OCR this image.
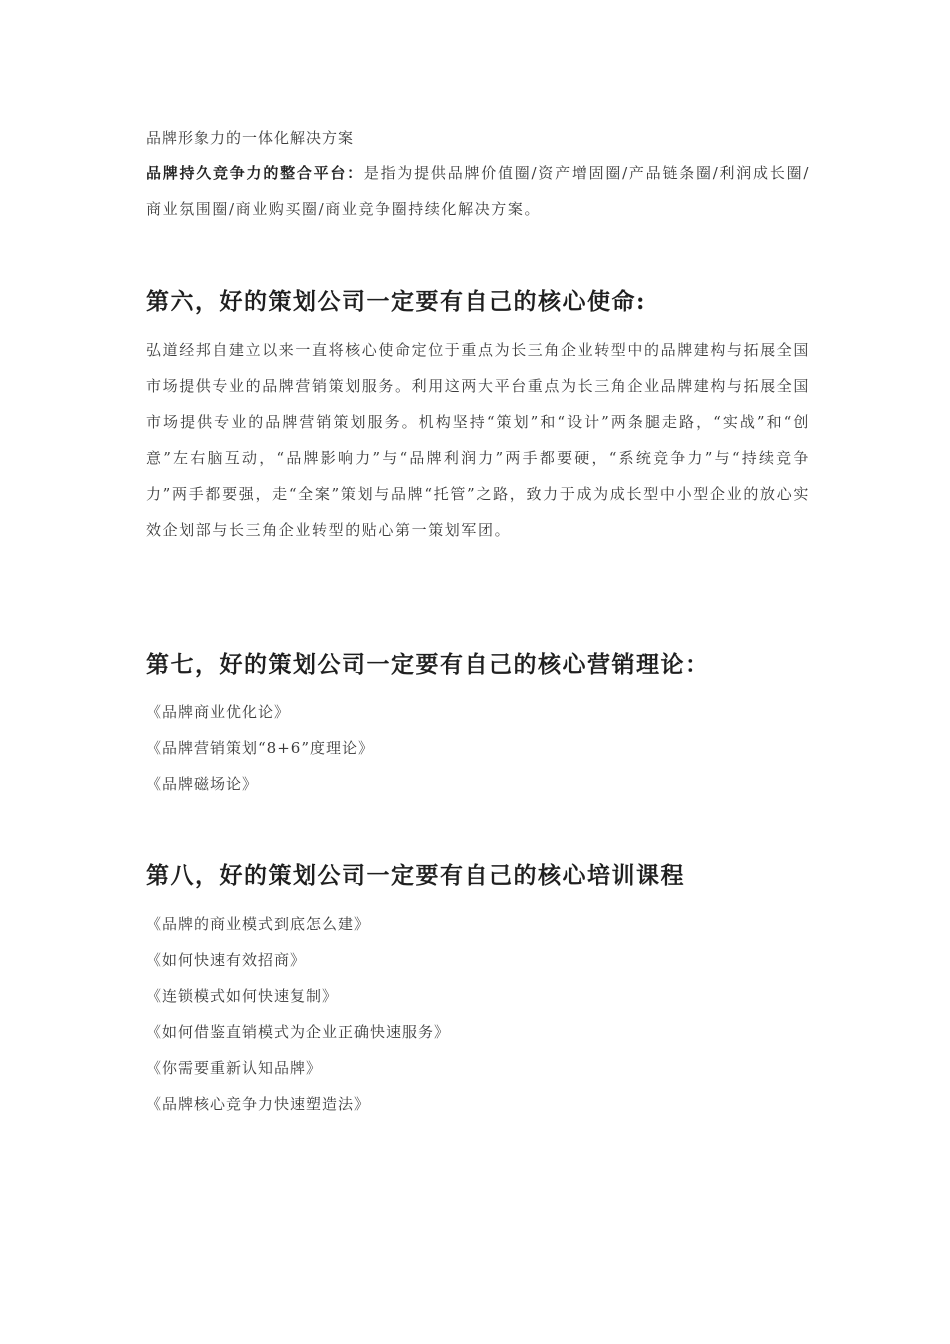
品牌形象力的一体化解决方案

品牌持久竞争力的整合平台：是指为提供品牌价值圈/资产增固圈/产品链条圈/利润成长圈/商业氛围圈/商业购买圈/商业竞争圈持续化解决方案。

第六，好的策划公司一定要有自己的核心使命:

弘道经邦自建立以来一直将核心使命定位于重点为长三角企业转型中的品牌建构与拓展全国市场提供专业的品牌营销策划服务。利用这两大平台重点为长三角企业品牌建构与拓展全国市场提供专业的品牌营销策划服务。机构坚持“策划”和“设计”两条腿走路，“实战”和“创意”左右脑互动，“品牌影响力”与“品牌利润力”两手都要硬，“系统竞争力”与“持续竞争力”两手都要强，走“全案”策划与品牌“托管”之路，致力于成为成长型中小型企业的放心实效企划部与长三角企业转型的贴心第一策划军团。

第七，好的策划公司一定要有自己的核心营销理论：
《品牌商业优化论》
《品牌营销策划“8+6”度理论》
《品牌磁场论》
第八，好的策划公司一定要有自己的核心培训课程
《品牌的商业模式到底怎么建》
《如何快速有效招商》
《连锁模式如何快速复制》
《如何借鉴直销模式为企业正确快速服务》
《你需要重新认知品牌》
《品牌核心竞争力快速塑造法》
